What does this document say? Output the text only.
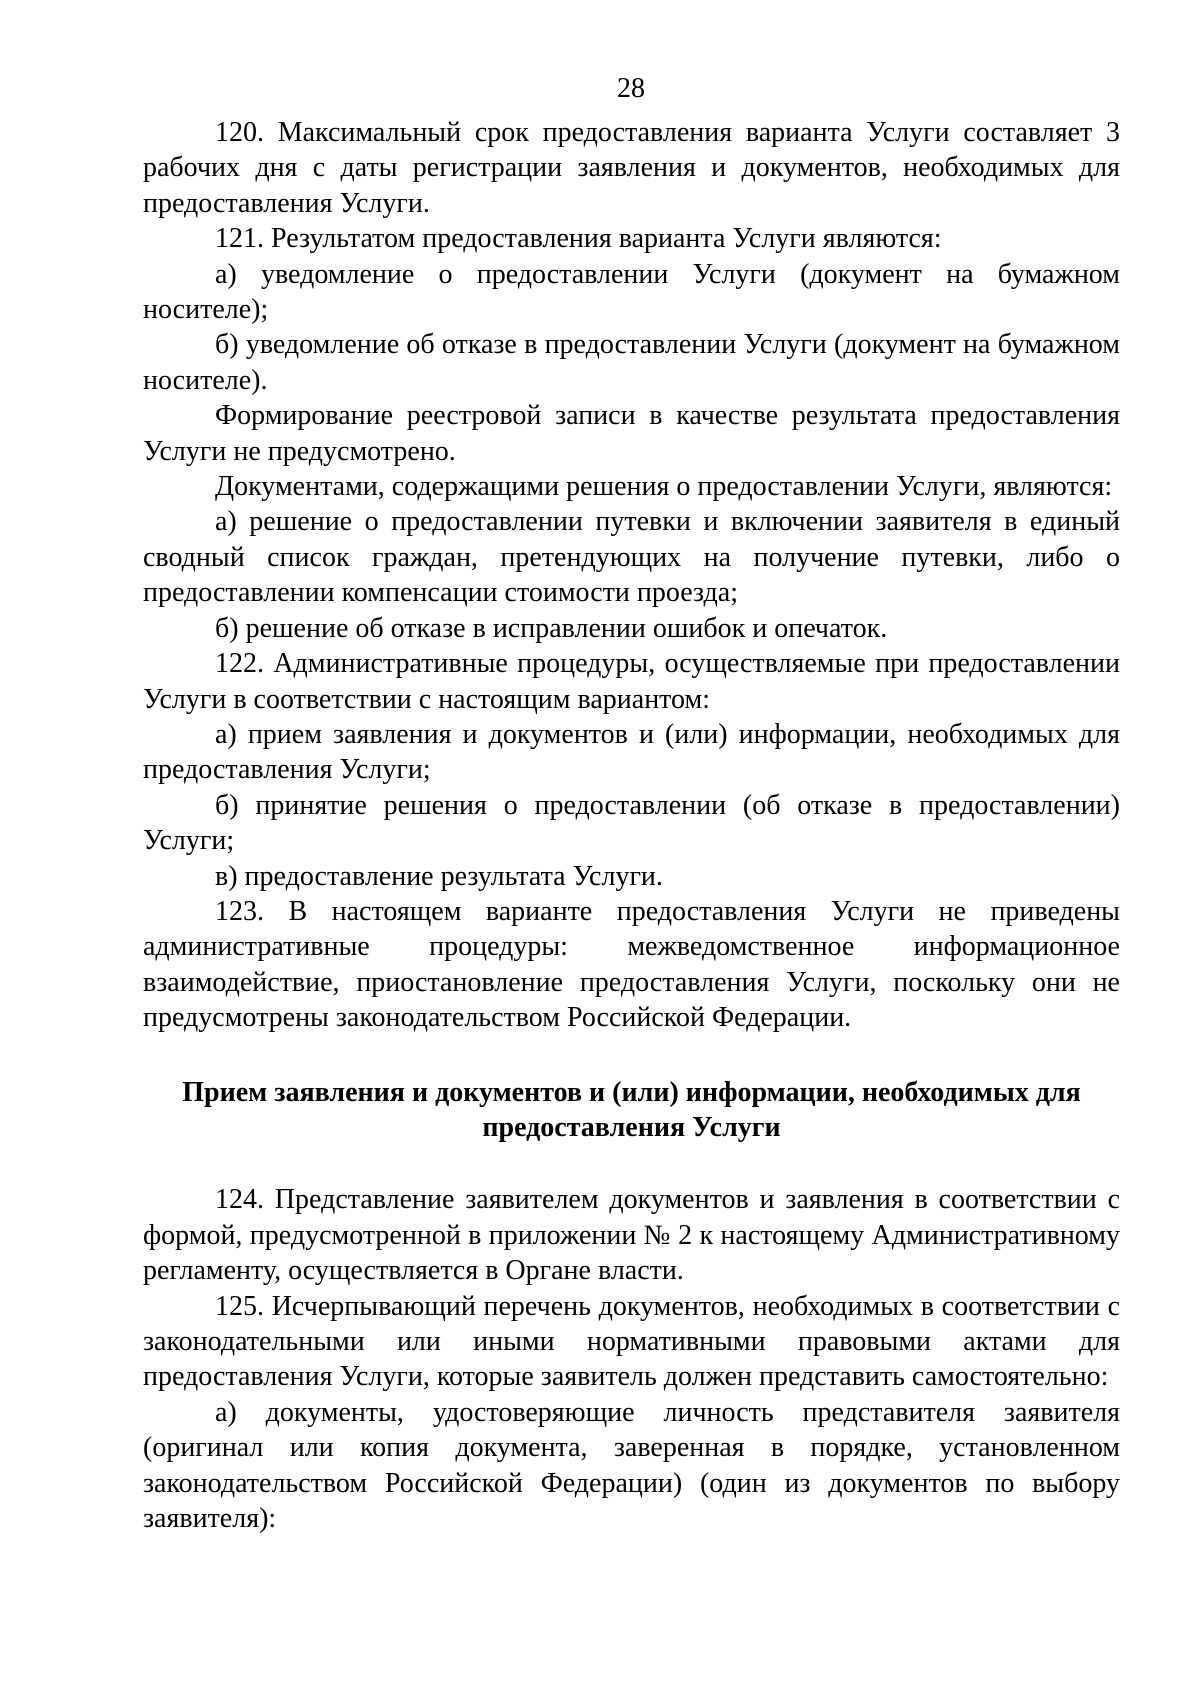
28

120. Максимальный срок предоставления варианта Услуги составляет 3 рабочих дня с даты регистрации заявления и документов, необходимых для предоставления Услуги.

121. Результатом предоставления варианта Услуги являются:

а) уведомление о предоставлении Услуги (документ на бумажном носителе);

б) уведомление об отказе в предоставлении Услуги (документ на бумажном носителе).

Формирование реестровой записи в качестве результата предоставления Услуги не предусмотрено.

Документами, содержащими решения о предоставлении Услуги, являются:

а) решение о предоставлении путевки и включении заявителя в единый сводный список граждан, претендующих на получение путевки, либо о предоставлении компенсации стоимости проезда;

б) решение об отказе в исправлении ошибок и опечаток.

122. Административные процедуры, осуществляемые при предоставлении Услуги в соответствии с настоящим вариантом:

а) прием заявления и документов и (или) информации, необходимых для предоставления Услуги;

б) принятие решения о предоставлении (об отказе в предоставлении) Услуги;

в) предоставление результата Услуги.

123. В настоящем варианте предоставления Услуги не приведены административные процедуры: межведомственное информационное взаимодействие, приостановление предоставления Услуги, поскольку они не предусмотрены законодательством Российской Федерации.

Прием заявления и документов и (или) информации, необходимых для
предоставления Услуги

124. Представление заявителем документов и заявления в соответствии с формой, предусмотренной в приложении № 2 к настоящему Административному регламенту, осуществляется в Органе власти.

125. Исчерпывающий перечень документов, необходимых в соответствии с законодательными или иными нормативными правовыми актами для предоставления Услуги, которые заявитель должен представить самостоятельно:

а) документы, удостоверяющие личность представителя заявителя (оригинал или копия документа, заверенная в порядке, установленном законодательством Российской Федерации) (один из документов по выбору заявителя):
